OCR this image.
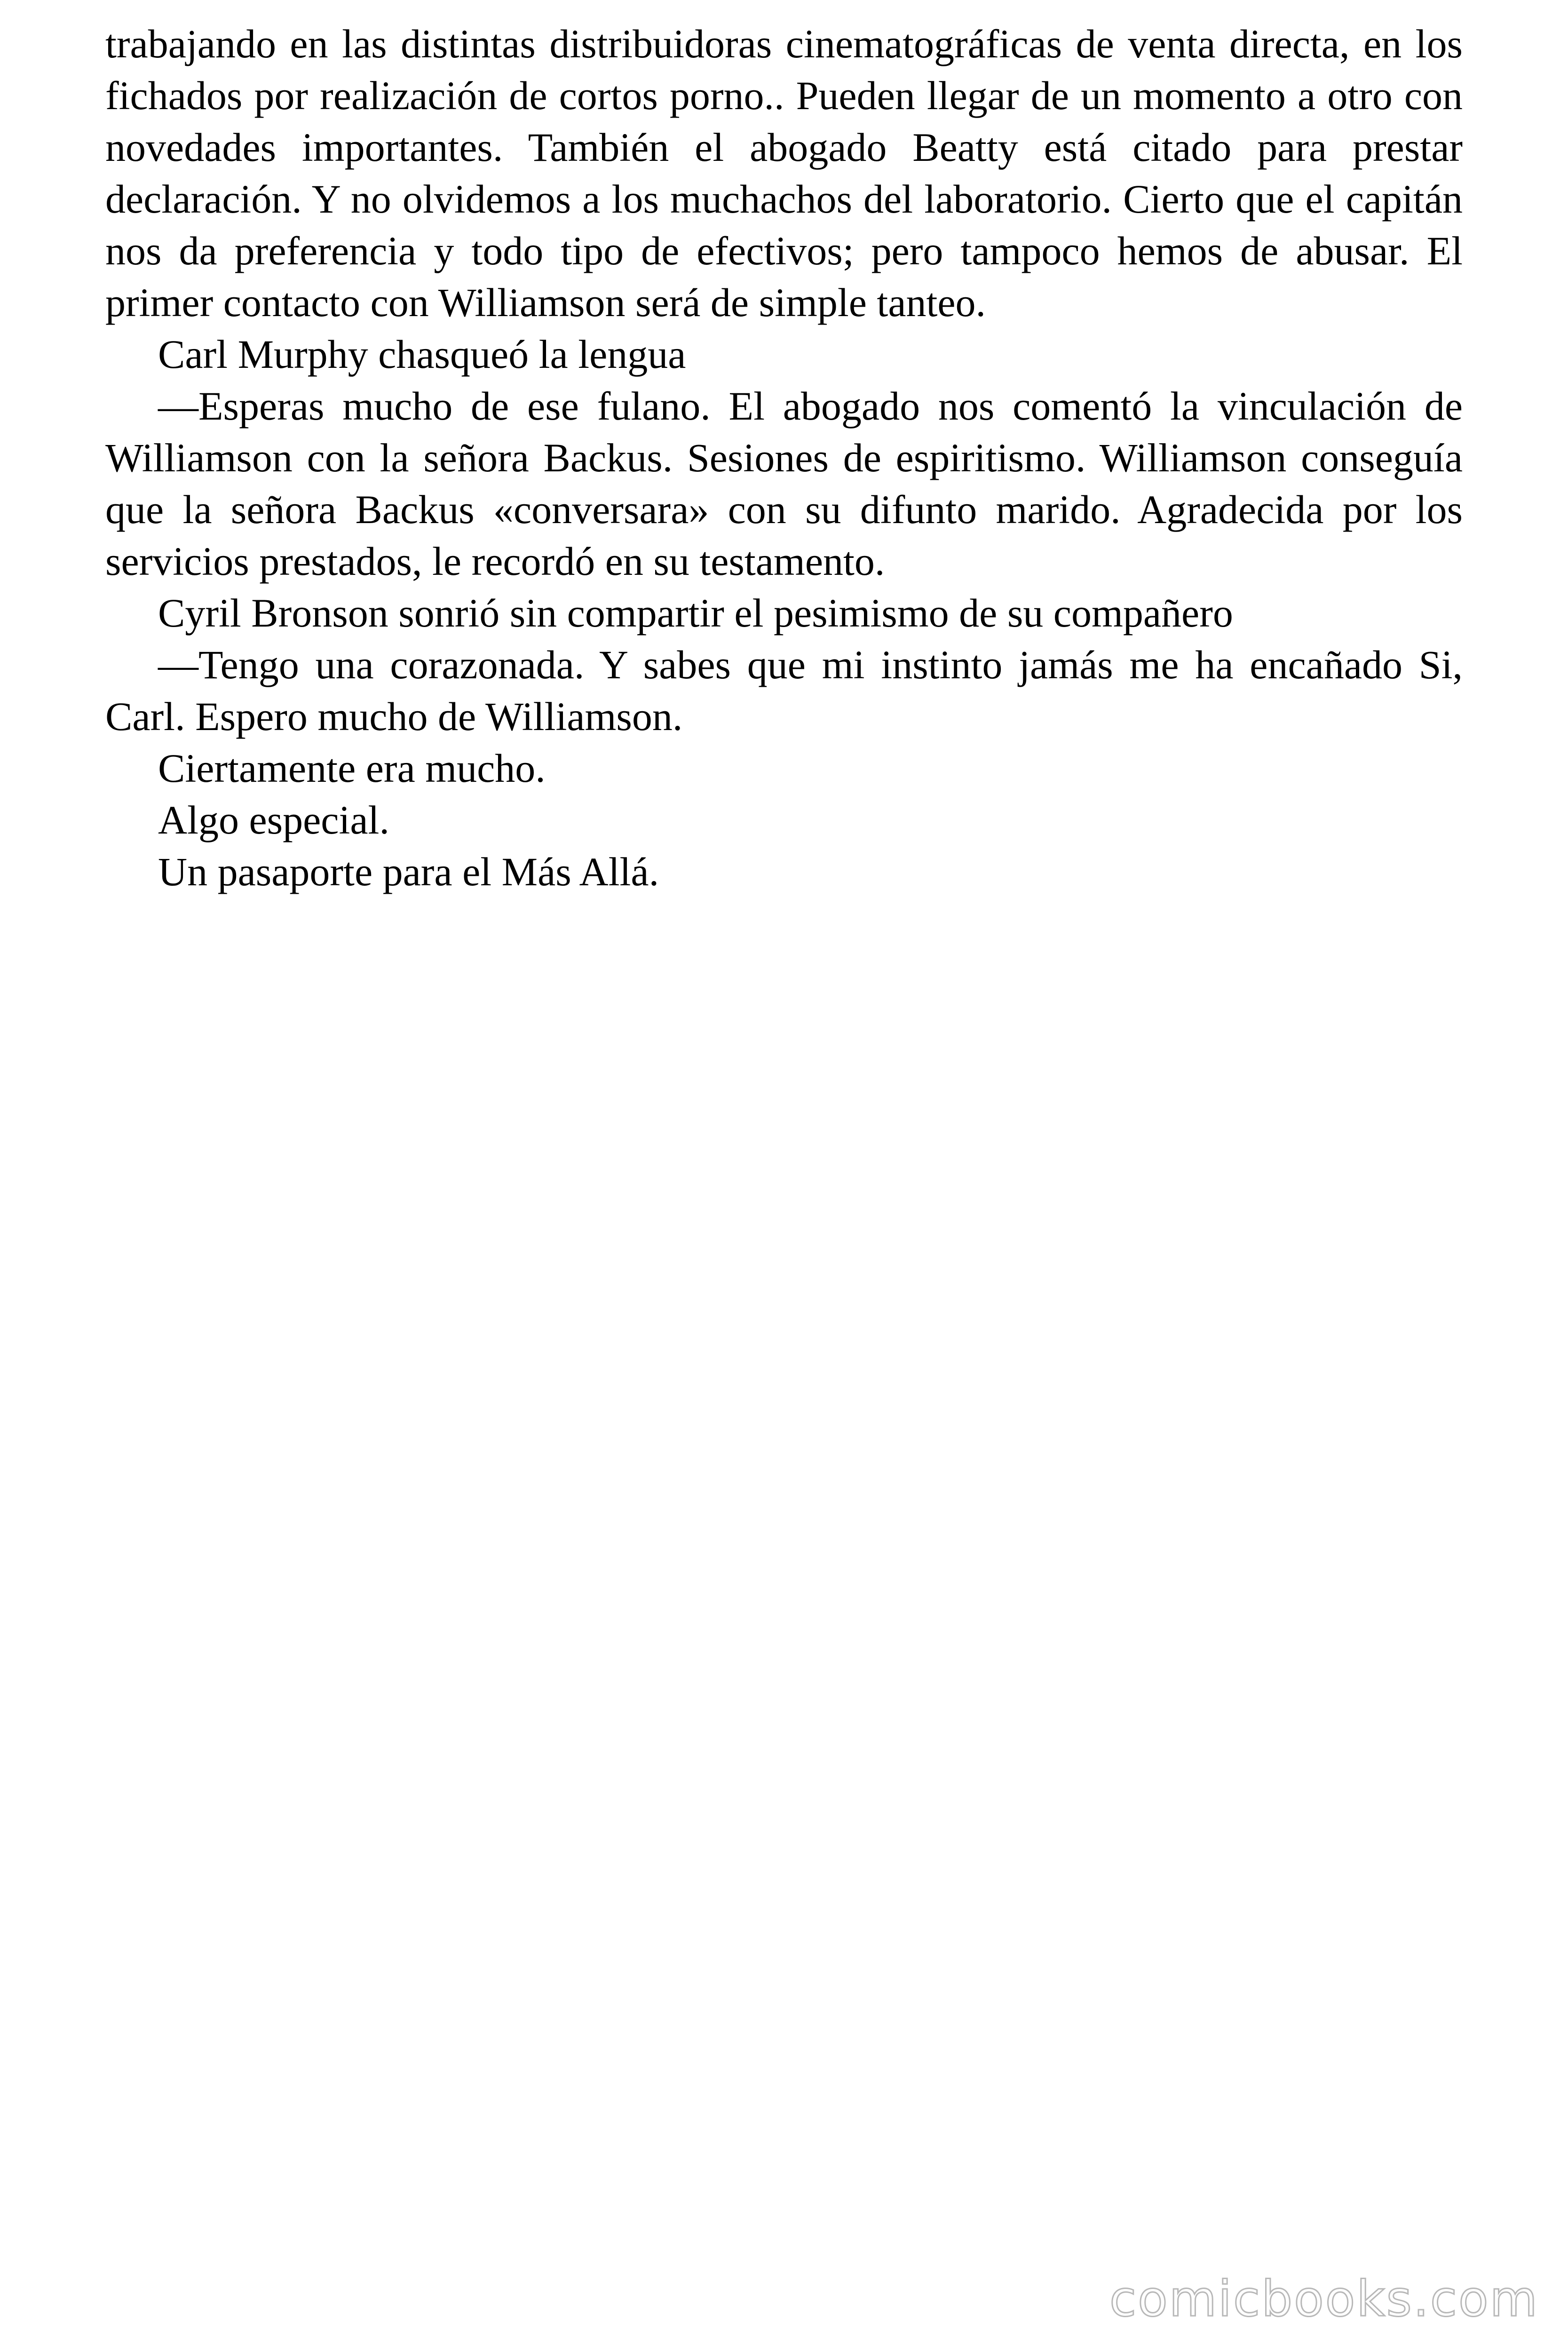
trabajando en las distintas distribuidoras cinematográficas de venta directa, en los fichados por realización de cortos porno.. Pueden llegar de un momento a otro con novedades importantes. También el abogado Beatty está citado para prestar declaración. Y no olvidemos a los muchachos del laboratorio. Cierto que el capitán nos da preferencia y todo tipo de efectivos; pero tampoco hemos de abusar. El primer contacto con Williamson será de simple tanteo.

Carl Murphy chasqueó la lengua

—Esperas mucho de ese fulano. El abogado nos comentó la vinculación de Williamson con la señora Backus. Sesiones de espiritismo. Williamson conseguía que la señora Backus «conversara» con su difunto marido. Agradecida por los servicios prestados, le recordó en su testamento.

Cyril Bronson sonrió sin compartir el pesimismo de su compañero

—Tengo una corazonada. Y sabes que mi instinto jamás me ha encañado Si, Carl. Espero mucho de Williamson.

Ciertamente era mucho.

Algo especial.

Un pasaporte para el Más Allá.

comicbooks.com
